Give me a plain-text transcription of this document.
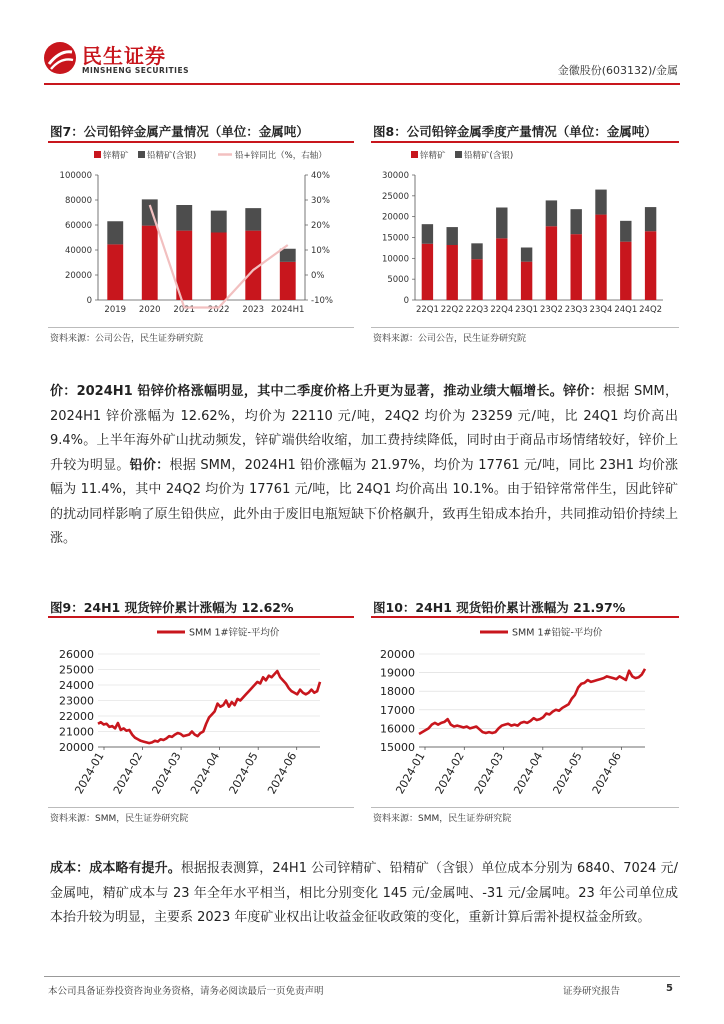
民生证券
MINSHENG SECURITIES	金徽股份(603132)/金属
图7：公司铅锌金属产量情况（单位：金属吨）	图8：公司铅锌金属季度产量情况（单位：金属吨）
锌精矿 铅精矿(含银)	铅+锌同比（%，右轴）
0
20000
40000
60000
80000
100000
2019 2020 2021 2022 2023 2024H1
-10%
0%
10%
20%
30%
40%
锌精矿 铅精矿(含银)
0
5000
10000
15000
20000
25000
30000
22Q1 22Q2 22Q3 22Q4 23Q1 23Q2 23Q3 23Q4 24Q1 24Q2
资料来源：公司公告，民生证券研究院	资料来源：公司公告，民生证券研究院
价：2024H1 铅锌价格涨幅明显，其中二季度价格上升更为显著，推动业绩大幅增长。锌价：根据 SMM，2024H1 锌价涨幅为 12.62%，均价为 22110 元/吨，24Q2 均价为 23259 元/吨，比 24Q1 均价高出 9.4%。上半年海外矿山扰动频发，锌矿端供给收缩，加工费持续降低，同时由于商品市场情绪较好，锌价上升较为明显。铅价：根据 SMM，2024H1 铅价涨幅为 21.97%，均价为 17761 元/吨，同比 23H1 均价涨幅为 11.4%，其中 24Q2 均价为 17761 元/吨，比 24Q1 均价高出 10.1%。由于铅锌常常伴生，因此锌矿的扰动同样影响了原生铅供应，此外由于废旧电瓶短缺下价格飙升，致再生铅成本抬升，共同推动铅价持续上涨。
图9：24H1 现货锌价累计涨幅为 12.62%	图10：24H1 现货铅价累计涨幅为 21.97%
SMM 1#锌锭-平均价
20000
21000
22000
23000
24000
25000
26000
2024-01 2024-02 2024-03 2024-04 2024-05 2024-06
SMM 1#铅锭-平均价
15000
16000
17000
18000
19000
20000
2024-01 2024-02 2024-03 2024-04 2024-05 2024-06
资料来源：SMM，民生证券研究院	资料来源：SMM，民生证券研究院
成本：成本略有提升。根据报表测算，24H1 公司锌精矿、铅精矿（含银）单位成本分别为 6840、7024 元/金属吨，精矿成本与 23 年全年水平相当，相比分别变化 145 元/金属吨、-31 元/金属吨。23 年公司单位成本抬升较为明显，主要系 2023 年度矿业权出让收益金征收政策的变化，重新计算后需补提权益金所致。
本公司具备证券投资咨询业务资格，请务必阅读最后一页免责声明	证券研究报告	5
